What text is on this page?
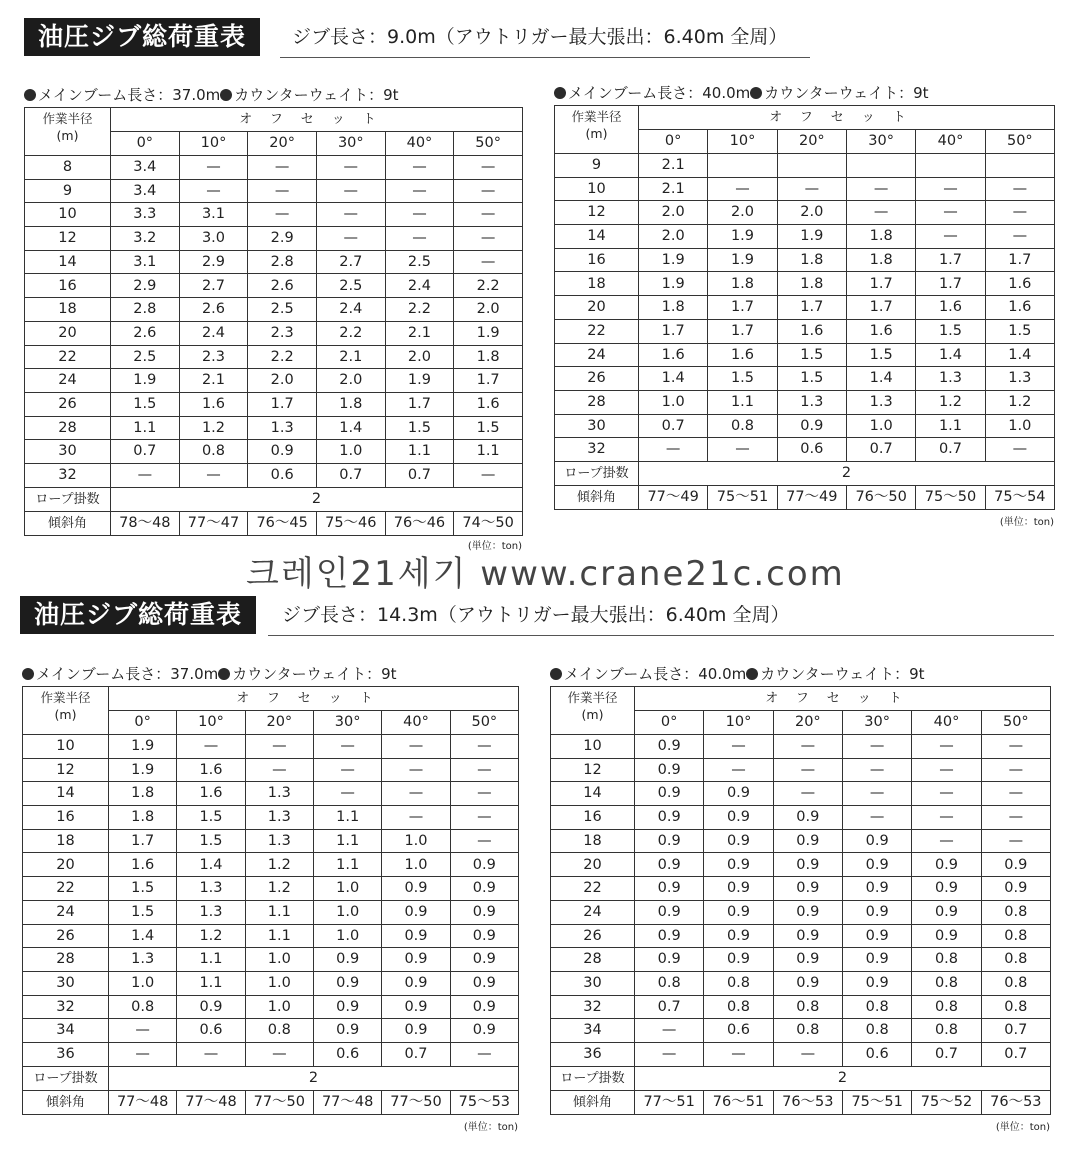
油圧ジブ総荷重表	ジブ長さ：9.0m（アウトリガー最大張出：6.40m 全周）
油圧ジブ総荷重表	ジブ長さ：14.3m（アウトリガー最大張出：6.40m 全周）
크레인21세기 www.crane21c.com
メインブーム長さ：37.0m カウンターウェイト：9t
作業半径
(m)	オフセット					
	0°	10°	20°	30°	40°	50°
8	3.4	—	—	—	—	—
9	3.4	—	—	—	—	—
10	3.3	3.1	—	—	—	—
12	3.2	3.0	2.9	—	—	—
14	3.1	2.9	2.8	2.7	2.5	—
16	2.9	2.7	2.6	2.5	2.4	2.2
18	2.8	2.6	2.5	2.4	2.2	2.0
20	2.6	2.4	2.3	2.2	2.1	1.9
22	2.5	2.3	2.2	2.1	2.0	1.8
24	1.9	2.1	2.0	2.0	1.9	1.7
26	1.5	1.6	1.7	1.8	1.7	1.6
28	1.1	1.2	1.3	1.4	1.5	1.5
30	0.7	0.8	0.9	1.0	1.1	1.1
32	—	—	0.6	0.7	0.7	—
ロープ掛数	2					
傾斜角	78～48	77～47	76～45	75～46	76～46	74～50
(単位：ton)
メインブーム長さ：40.0m カウンターウェイト：9t
作業半径
(m)	オフセット					
	0°	10°	20°	30°	40°	50°
9	2.1					
10	2.1	—	—	—	—	—
12	2.0	2.0	2.0	—	—	—
14	2.0	1.9	1.9	1.8	—	—
16	1.9	1.9	1.8	1.8	1.7	1.7
18	1.9	1.8	1.8	1.7	1.7	1.6
20	1.8	1.7	1.7	1.7	1.6	1.6
22	1.7	1.7	1.6	1.6	1.5	1.5
24	1.6	1.6	1.5	1.5	1.4	1.4
26	1.4	1.5	1.5	1.4	1.3	1.3
28	1.0	1.1	1.3	1.3	1.2	1.2
30	0.7	0.8	0.9	1.0	1.1	1.0
32	—	—	0.6	0.7	0.7	—
ロープ掛数	2					
傾斜角	77～49	75～51	77～49	76～50	75～50	75～54
(単位：ton)
メインブーム長さ：37.0m カウンターウェイト：9t
作業半径
(m)	オフセット					
	0°	10°	20°	30°	40°	50°
10	1.9	—	—	—	—	—
12	1.9	1.6	—	—	—	—
14	1.8	1.6	1.3	—	—	—
16	1.8	1.5	1.3	1.1	—	—
18	1.7	1.5	1.3	1.1	1.0	—
20	1.6	1.4	1.2	1.1	1.0	0.9
22	1.5	1.3	1.2	1.0	0.9	0.9
24	1.5	1.3	1.1	1.0	0.9	0.9
26	1.4	1.2	1.1	1.0	0.9	0.9
28	1.3	1.1	1.0	0.9	0.9	0.9
30	1.0	1.1	1.0	0.9	0.9	0.9
32	0.8	0.9	1.0	0.9	0.9	0.9
34	—	0.6	0.8	0.9	0.9	0.9
36	—	—	—	0.6	0.7	—
ロープ掛数	2					
傾斜角	77～48	77～48	77～50	77～48	77～50	75～53
(単位：ton)
メインブーム長さ：40.0m カウンターウェイト：9t
作業半径
(m)	オフセット					
	0°	10°	20°	30°	40°	50°
10	0.9	—	—	—	—	—
12	0.9	—	—	—	—	—
14	0.9	0.9	—	—	—	—
16	0.9	0.9	0.9	—	—	—
18	0.9	0.9	0.9	0.9	—	—
20	0.9	0.9	0.9	0.9	0.9	0.9
22	0.9	0.9	0.9	0.9	0.9	0.9
24	0.9	0.9	0.9	0.9	0.9	0.8
26	0.9	0.9	0.9	0.9	0.9	0.8
28	0.9	0.9	0.9	0.9	0.8	0.8
30	0.8	0.8	0.9	0.9	0.8	0.8
32	0.7	0.8	0.8	0.8	0.8	0.8
34	—	0.6	0.8	0.8	0.8	0.7
36	—	—	—	0.6	0.7	0.7
ロープ掛数	2					
傾斜角	77～51	76～51	76～53	75～51	75～52	76～53
(単位：ton)
